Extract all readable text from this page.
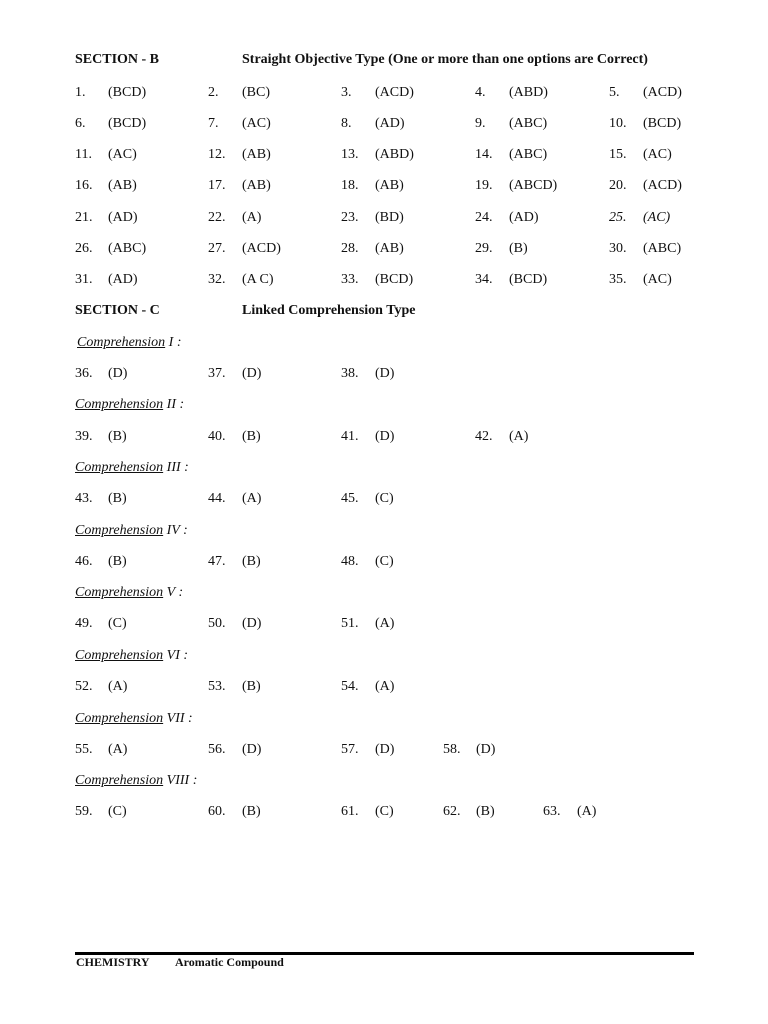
SECTION - B	Straight Objective Type (One or more than one options are Correct)
1. (BCD)	2. (BC)	3. (ACD)	4. (ABD)	5. (ACD)
6. (BCD)	7. (AC)	8. (AD)	9. (ABC)	10. (BCD)
11. (AC)	12. (AB)	13. (ABD)	14. (ABC)	15. (AC)
16. (AB)	17. (AB)	18. (AB)	19. (ABCD)	20. (ACD)
21. (AD)	22. (A)	23. (BD)	24. (AD)	25. (AC)
26. (ABC)	27. (ACD)	28. (AB)	29. (B)	30. (ABC)
31. (AD)	32. (A C)	33. (BCD)	34. (BCD)	35. (AC)
SECTION - C	Linked Comprehension Type
Comprehension I :
36. (D)	37. (D)	38. (D)
Comprehension II :
39. (B)	40. (B)	41. (D)	42. (A)
Comprehension III :
43. (B)	44. (A)	45. (C)
Comprehension IV :
46. (B)	47. (B)	48. (C)
Comprehension V :
49. (C)	50. (D)	51. (A)
Comprehension VI :
52. (A)	53. (B)	54. (A)
Comprehension VII :
55. (A)	56. (D)	57. (D)	58. (D)
Comprehension VIII :
59. (C)	60. (B)	61. (C)	62. (B)	63. (A)
CHEMISTRY Aromatic Compound
